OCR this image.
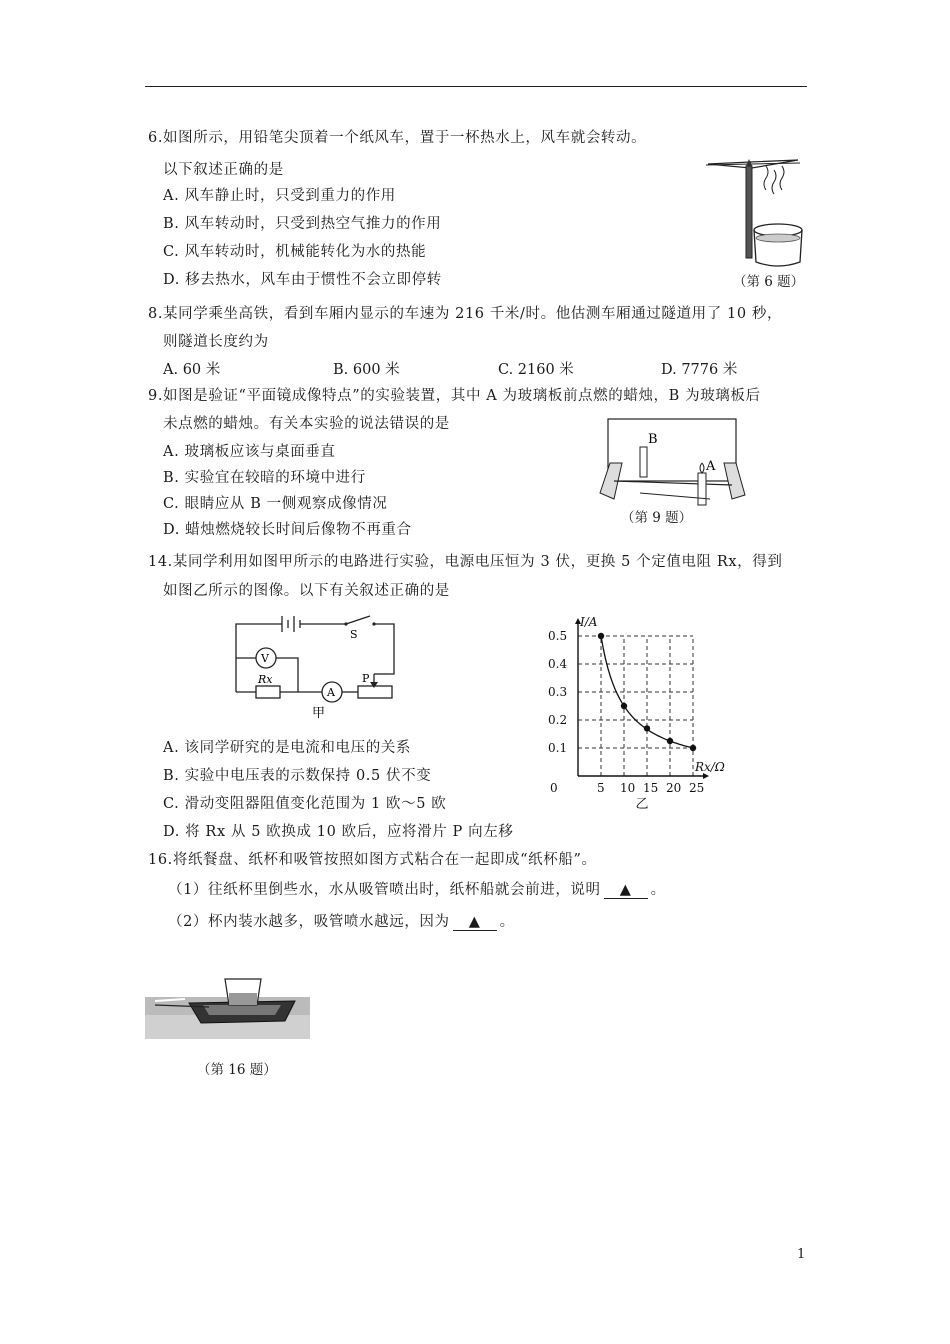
6.如图所示，用铅笔尖顶着一个纸风车，置于一杯热水上，风车就会转动。
以下叙述正确的是
A. 风车静止时，只受到重力的作用
B. 风车转动时，只受到热空气推力的作用
C. 风车转动时，机械能转化为水的热能
D. 移去热水，风车由于惯性不会立即停转	（第 6 题）
8.某同学乘坐高铁，看到车厢内显示的车速为 216 千米/时。他估测车厢通过隧道用了 10 秒，
则隧道长度约为
A. 60 米	B. 600 米	C. 2160 米	D. 7776 米
9.如图是验证“平面镜成像特点”的实验装置，其中 A 为玻璃板前点燃的蜡烛，B 为玻璃板后
未点燃的蜡烛。有关本实验的说法错误的是
A. 玻璃板应该与桌面垂直
B. 实验宜在较暗的环境中进行
C. 眼睛应从 B 一侧观察成像情况
D. 蜡烛燃烧较长时间后像物不再重合
B
A
（第 9 题）
14.某同学利用如图甲所示的电路进行实验，电源电压恒为 3 伏，更换 5 个定值电阻 Rx，得到
如图乙所示的图像。以下有关叙述正确的是
S
V
A
Rx	P
甲
5 10 15 20 25
0.1
0.2
0.3
0.4
0.5
0
I/A
Rx/Ω
乙
A. 该同学研究的是电流和电压的关系
B. 实验中电压表的示数保持 0.5 伏不变
C. 滑动变阻器阻值变化范围为 1 欧～5 欧
D. 将 Rx 从 5 欧换成 10 欧后，应将滑片 P 向左移
16.将纸餐盘、纸杯和吸管按照如图方式粘合在一起即成“纸杯船”。
（1）往纸杯里倒些水，水从吸管喷出时，纸杯船就会前进，说明 ▲ 。
（2）杯内装水越多，吸管喷水越远，因为 ▲ 。
（第 16 题）
1
